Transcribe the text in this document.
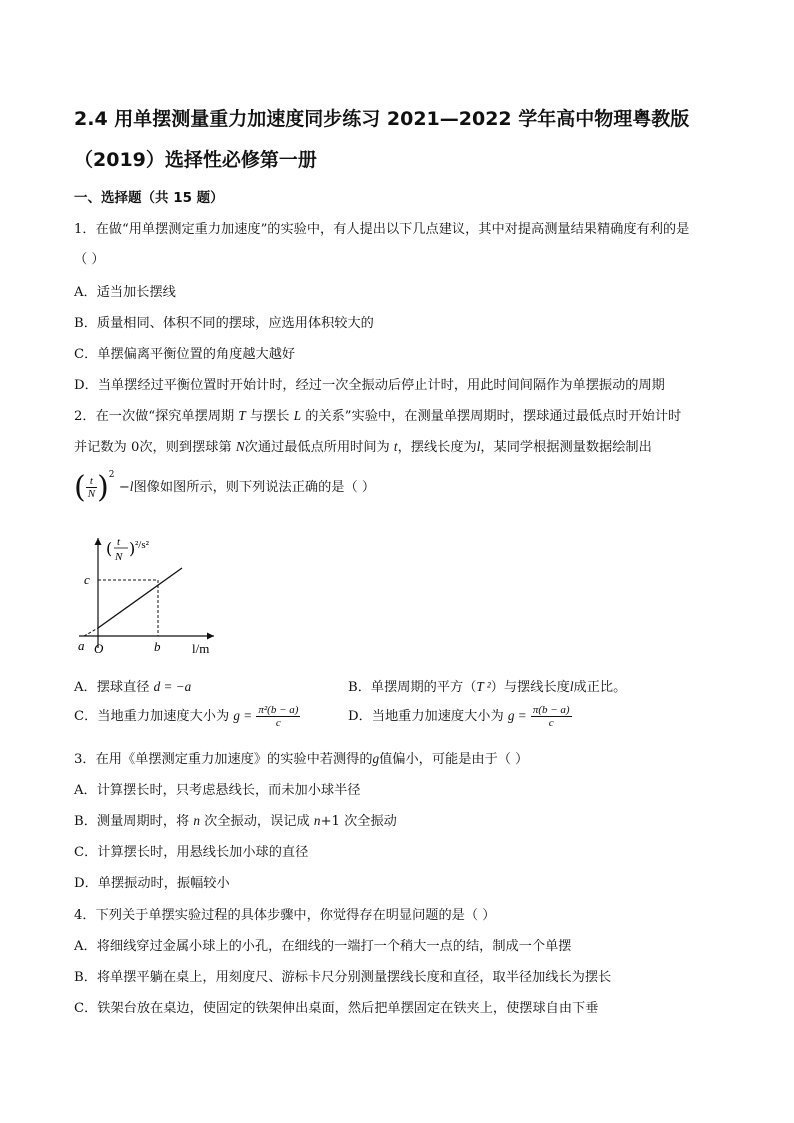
2.4 用单摆测量重力加速度同步练习 2021—2022 学年高中物理粤教版
（2019）选择性必修第一册
一、选择题（共 15 题）
1．在做“用单摆测定重力加速度”的实验中，有人提出以下几点建议，其中对提高测量结果精确度有利的是
（ ）
A．适当加长摆线
B．质量相同、体积不同的摆球，应选用体积较大的
C．单摆偏离平衡位置的角度越大越好
D．当单摆经过平衡位置时开始计时，经过一次全振动后停止计时，用此时间间隔作为单摆振动的周期
2．在一次做“探究单摆周期 T 与摆长 L 的关系”实验中，在测量单摆周期时，摆球通过最低点时开始计时
并记数为 0次，则到摆球第 N次通过最低点所用时间为 t，摆线长度为l，某同学根据测量数据绘制出
( $\frac{t}{N} )^2 -l$图像如图所示，则下列说法正确的是（ ）
c
b
a O	l/m
( t
N ) ²/s²
A．摆球直径 d = −a	B．单摆周期的平方（T ²）与摆线长度l成正比。
C．当地重力加速度大小为 $g = \frac{\text{π²(b − a)}}{c}$	D．当地重力加速度大小为 $g = \frac{\pi(b - a)}{c}$
3．在用《单摆测定重力加速度》的实验中若测得的g值偏小，可能是由于（ ）
A．计算摆长时，只考虑悬线长，而未加小球半径
B．测量周期时，将 n 次全振动，误记成 n+1 次全振动
C．计算摆长时，用悬线长加小球的直径
D．单摆振动时，振幅较小
4．下列关于单摆实验过程的具体步骤中，你觉得存在明显问题的是（ ）
A．将细线穿过金属小球上的小孔，在细线的一端打一个稍大一点的结，制成一个单摆
B．将单摆平躺在桌上，用刻度尺、游标卡尺分别测量摆线长度和直径，取半径加线长为摆长
C．铁架台放在桌边，使固定的铁架伸出桌面，然后把单摆固定在铁夹上，使摆球自由下垂
